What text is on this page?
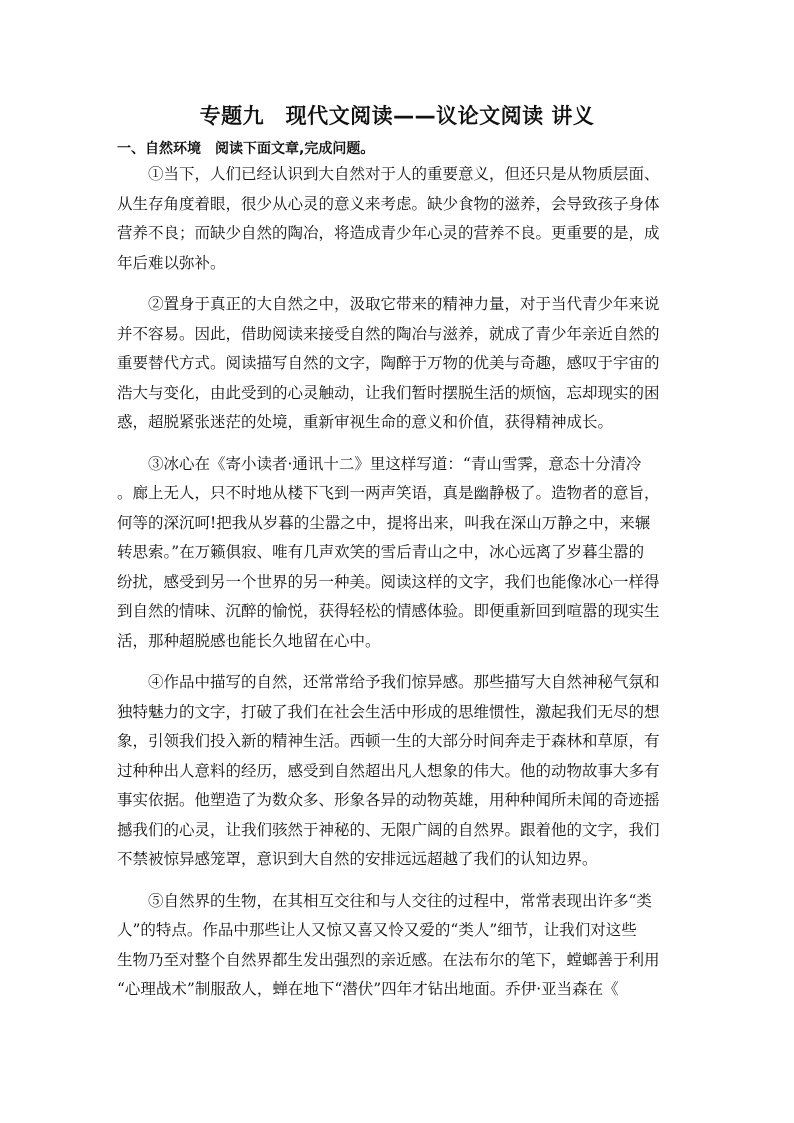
专题九　现代文阅读——议论文阅读 讲义
一、自然环境　阅读下面文章,完成问题。

①当下，人们已经认识到大自然对于人的重要意义，但还只是从物质层面、
从生存角度着眼，很少从心灵的意义来考虑。缺少食物的滋养，会导致孩子身体
营养不良；而缺少自然的陶冶，将造成青少年心灵的营养不良。更重要的是，成
年后难以弥补。

②置身于真正的大自然之中，汲取它带来的精神力量，对于当代青少年来说
并不容易。因此，借助阅读来接受自然的陶冶与滋养，就成了青少年亲近自然的
重要替代方式。阅读描写自然的文字，陶醉于万物的优美与奇趣，感叹于宇宙的
浩大与变化，由此受到的心灵触动，让我们暂时摆脱生活的烦恼，忘却现实的困
惑，超脱紧张迷茫的处境，重新审视生命的意义和价值，获得精神成长。

③冰心在《寄小读者·通讯十二》里这样写道：“青山雪霁，意态十分清冷
。廊上无人，只不时地从楼下飞到一两声笑语，真是幽静极了。造物者的意旨，
何等的深沉呵!把我从岁暮的尘嚣之中，提将出来，叫我在深山万静之中，来辗
转思索。”在万籁俱寂、唯有几声欢笑的雪后青山之中，冰心远离了岁暮尘嚣的
纷扰，感受到另一个世界的另一种美。阅读这样的文字，我们也能像冰心一样得
到自然的情味、沉醉的愉悦，获得轻松的情感体验。即便重新回到喧嚣的现实生
活，那种超脱感也能长久地留在心中。

④作品中描写的自然，还常常给予我们惊异感。那些描写大自然神秘气氛和
独特魅力的文字，打破了我们在社会生活中形成的思维惯性，激起我们无尽的想
象，引领我们投入新的精神生活。西顿一生的大部分时间奔走于森林和草原，有
过种种出人意料的经历，感受到自然超出凡人想象的伟大。他的动物故事大多有
事实依据。他塑造了为数众多、形象各异的动物英雄，用种种闻所未闻的奇迹摇
撼我们的心灵，让我们骇然于神秘的、无限广阔的自然界。跟着他的文字，我们
不禁被惊异感笼罩，意识到大自然的安排远远超越了我们的认知边界。

⑤自然界的生物，在其相互交往和与人交往的过程中，常常表现出许多“类
人”的特点。作品中那些让人又惊又喜又怜又爱的“类人”细节，让我们对这些
生物乃至对整个自然界都生发出强烈的亲近感。在法布尔的笔下，螳螂善于利用
“心理战术”制服敌人，蝉在地下“潜伏”四年才钻出地面。乔伊·亚当森在《
